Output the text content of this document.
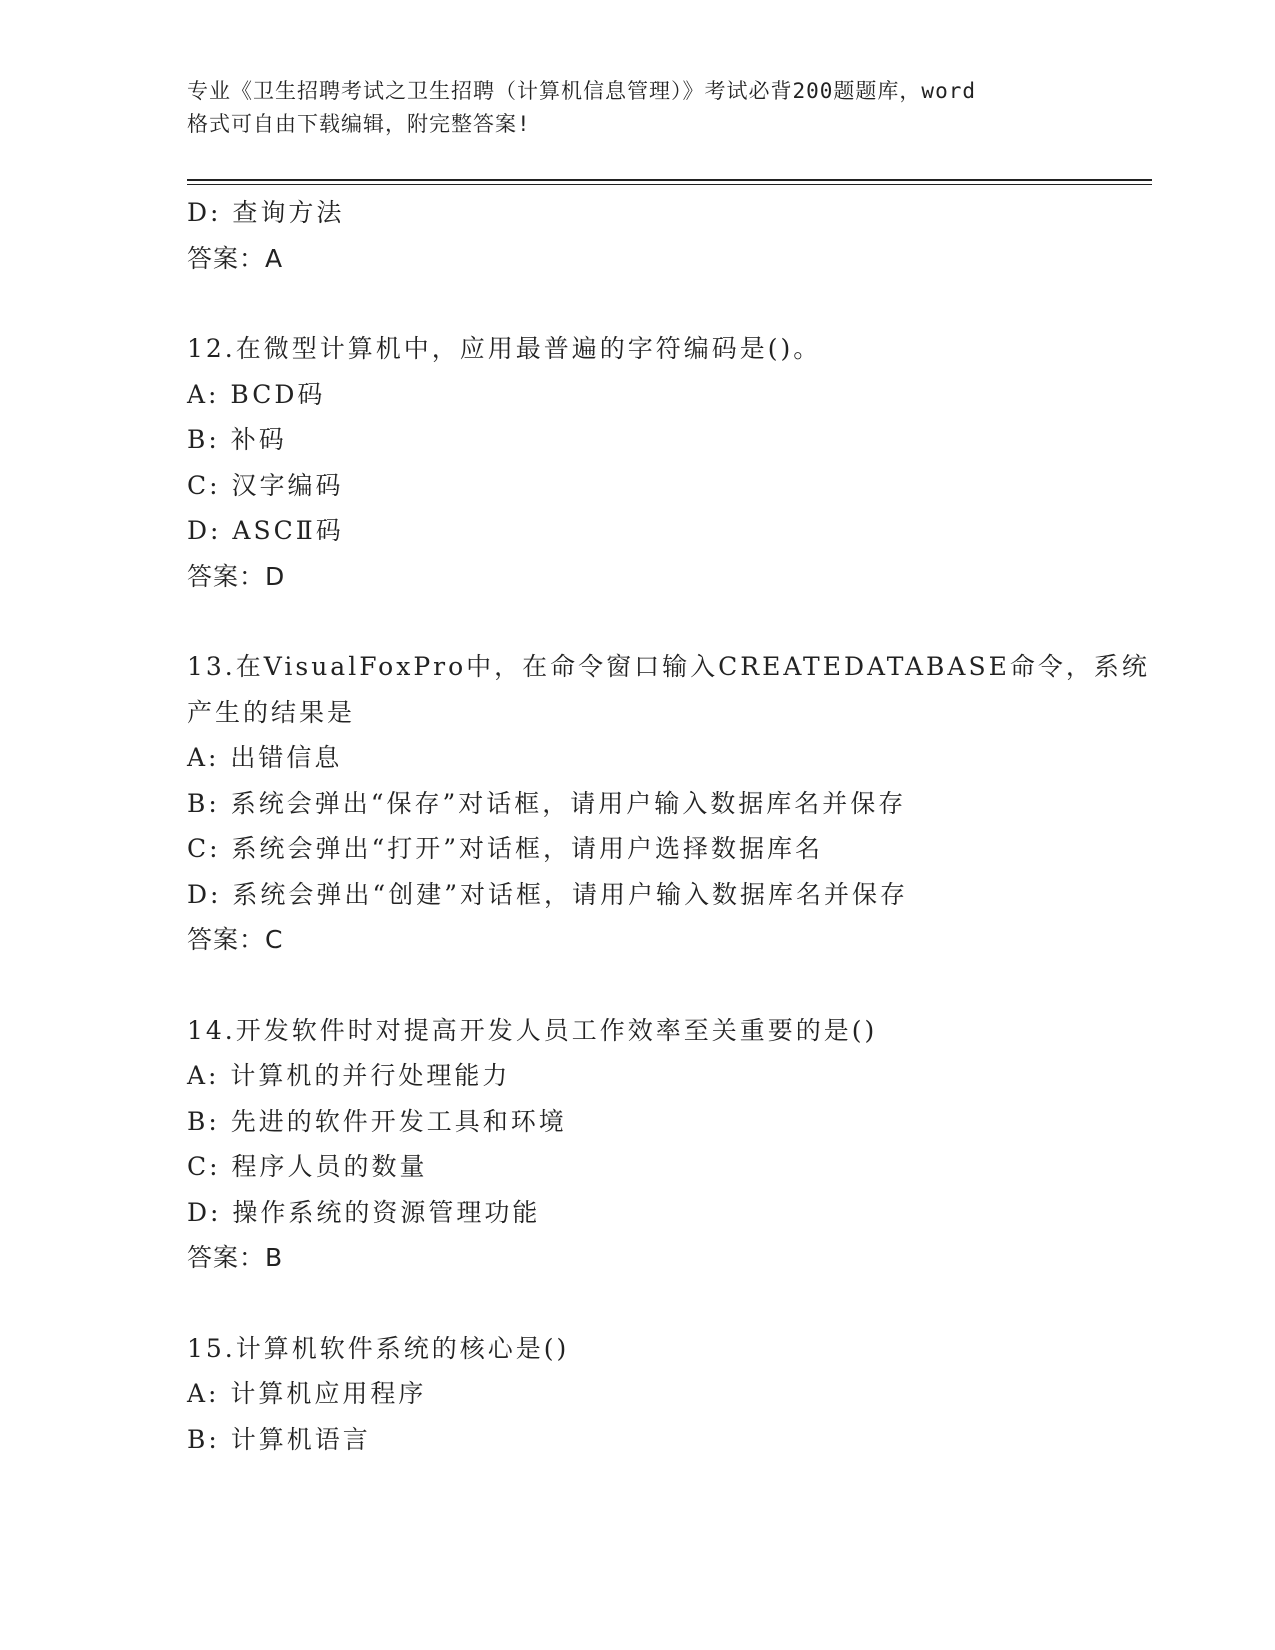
专业《卫生招聘考试之卫生招聘（计算机信息管理）》考试必背200题题库，word
格式可自由下载编辑，附完整答案!
D: 查询方法
答案：A
12.在微型计算机中，应用最普遍的字符编码是()。
A: BCD码
B: 补码
C: 汉字编码
D: ASCⅡ码
答案：D
13.在VisualFoxPro中，在命令窗口输入CREATEDATABASE命令，系统
产生的结果是
A: 出错信息
B: 系统会弹出“保存”对话框，请用户输入数据库名并保存
C: 系统会弹出“打开”对话框，请用户选择数据库名
D: 系统会弹出“创建”对话框，请用户输入数据库名并保存
答案：C
14.开发软件时对提高开发人员工作效率至关重要的是()
A: 计算机的并行处理能力
B: 先进的软件开发工具和环境
C: 程序人员的数量
D: 操作系统的资源管理功能
答案：B
15.计算机软件系统的核心是()
A: 计算机应用程序
B: 计算机语言
